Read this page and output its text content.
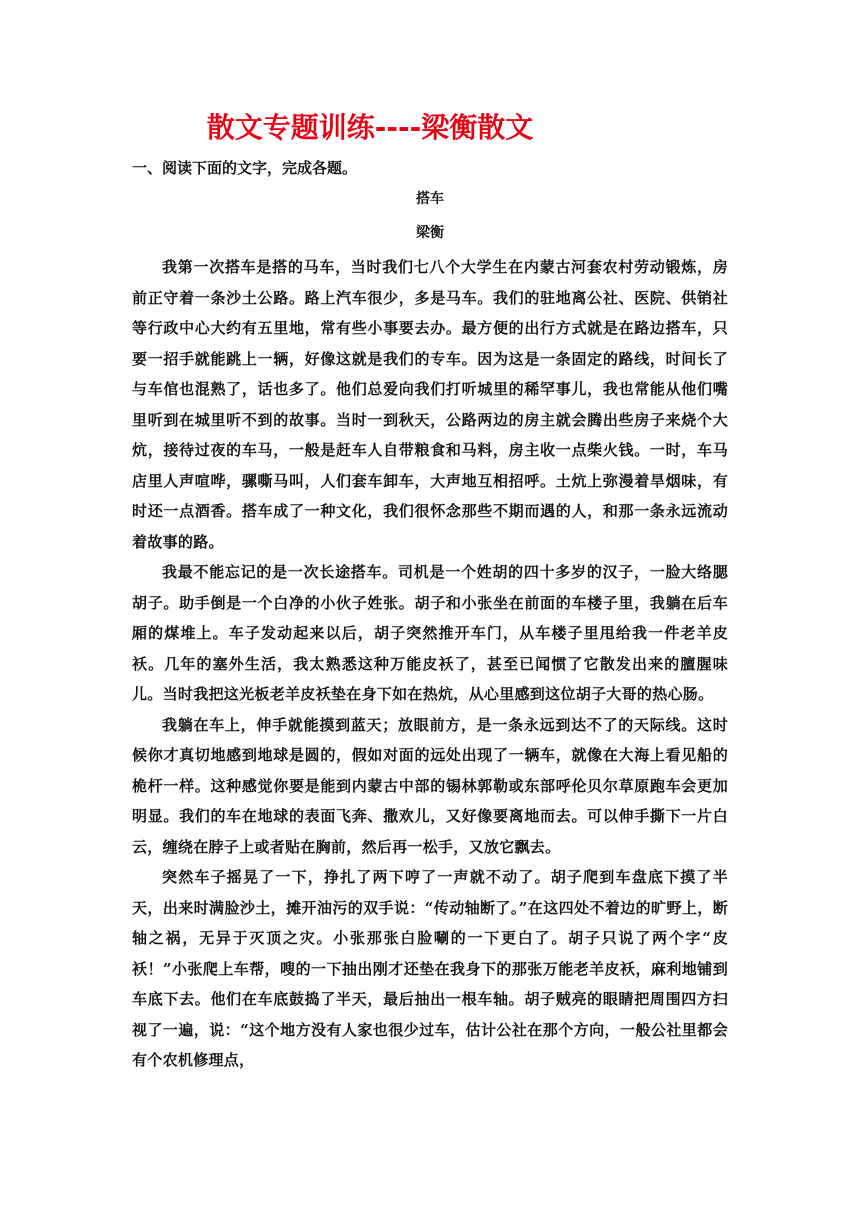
散文专题训练----梁衡散文
一、阅读下面的文字，完成各题。
搭车
梁衡

我第一次搭车是搭的马车，当时我们七八个大学生在内蒙古河套农村劳动锻炼，房前正守着一条沙土公路。路上汽车很少，多是马车。我们的驻地离公社、医院、供销社等行政中心大约有五里地，常有些小事要去办。最方便的出行方式就是在路边搭车，只要一招手就能跳上一辆，好像这就是我们的专车。因为这是一条固定的路线，时间长了与车倌也混熟了，话也多了。他们总爱向我们打听城里的稀罕事儿，我也常能从他们嘴里听到在城里听不到的故事。当时一到秋天，公路两边的房主就会腾出些房子来烧个大炕，接待过夜的车马，一般是赶车人自带粮食和马料，房主收一点柴火钱。一时，车马店里人声喧哗，骡嘶马叫，人们套车卸车，大声地互相招呼。土炕上弥漫着旱烟味，有时还一点酒香。搭车成了一种文化，我们很怀念那些不期而遇的人，和那一条永远流动着故事的路。

我最不能忘记的是一次长途搭车。司机是一个姓胡的四十多岁的汉子，一脸大络腮胡子。助手倒是一个白净的小伙子姓张。胡子和小张坐在前面的车楼子里，我躺在后车厢的煤堆上。车子发动起来以后，胡子突然推开车门，从车楼子里甩给我一件老羊皮袄。几年的塞外生活，我太熟悉这种万能皮袄了，甚至已闻惯了它散发出来的膻腥味儿。当时我把这光板老羊皮袄垫在身下如在热炕，从心里感到这位胡子大哥的热心肠。

我躺在车上，伸手就能摸到蓝天；放眼前方，是一条永远到达不了的天际线。这时候你才真切地感到地球是圆的，假如对面的远处出现了一辆车，就像在大海上看见船的桅杆一样。这种感觉你要是能到内蒙古中部的锡林郭勒或东部呼伦贝尔草原跑车会更加明显。我们的车在地球的表面飞奔、撒欢儿，又好像要离地而去。可以伸手撕下一片白云，缠绕在脖子上或者贴在胸前，然后再一松手，又放它飘去。

突然车子摇晃了一下，挣扎了两下哼了一声就不动了。胡子爬到车盘底下摸了半天，出来时满脸沙土，摊开油污的双手说：“传动轴断了。”在这四处不着边的旷野上，断轴之祸，无异于灭顶之灾。小张那张白脸唰的一下更白了。胡子只说了两个字“皮袄！”小张爬上车帮，嗖的一下抽出刚才还垫在我身下的那张万能老羊皮袄，麻利地铺到车底下去。他们在车底鼓捣了半天，最后抽出一根车轴。胡子贼亮的眼睛把周围四方扫视了一遍，说：“这个地方没有人家也很少过车，估计公社在那个方向，一般公社里都会有个农机修理点，
